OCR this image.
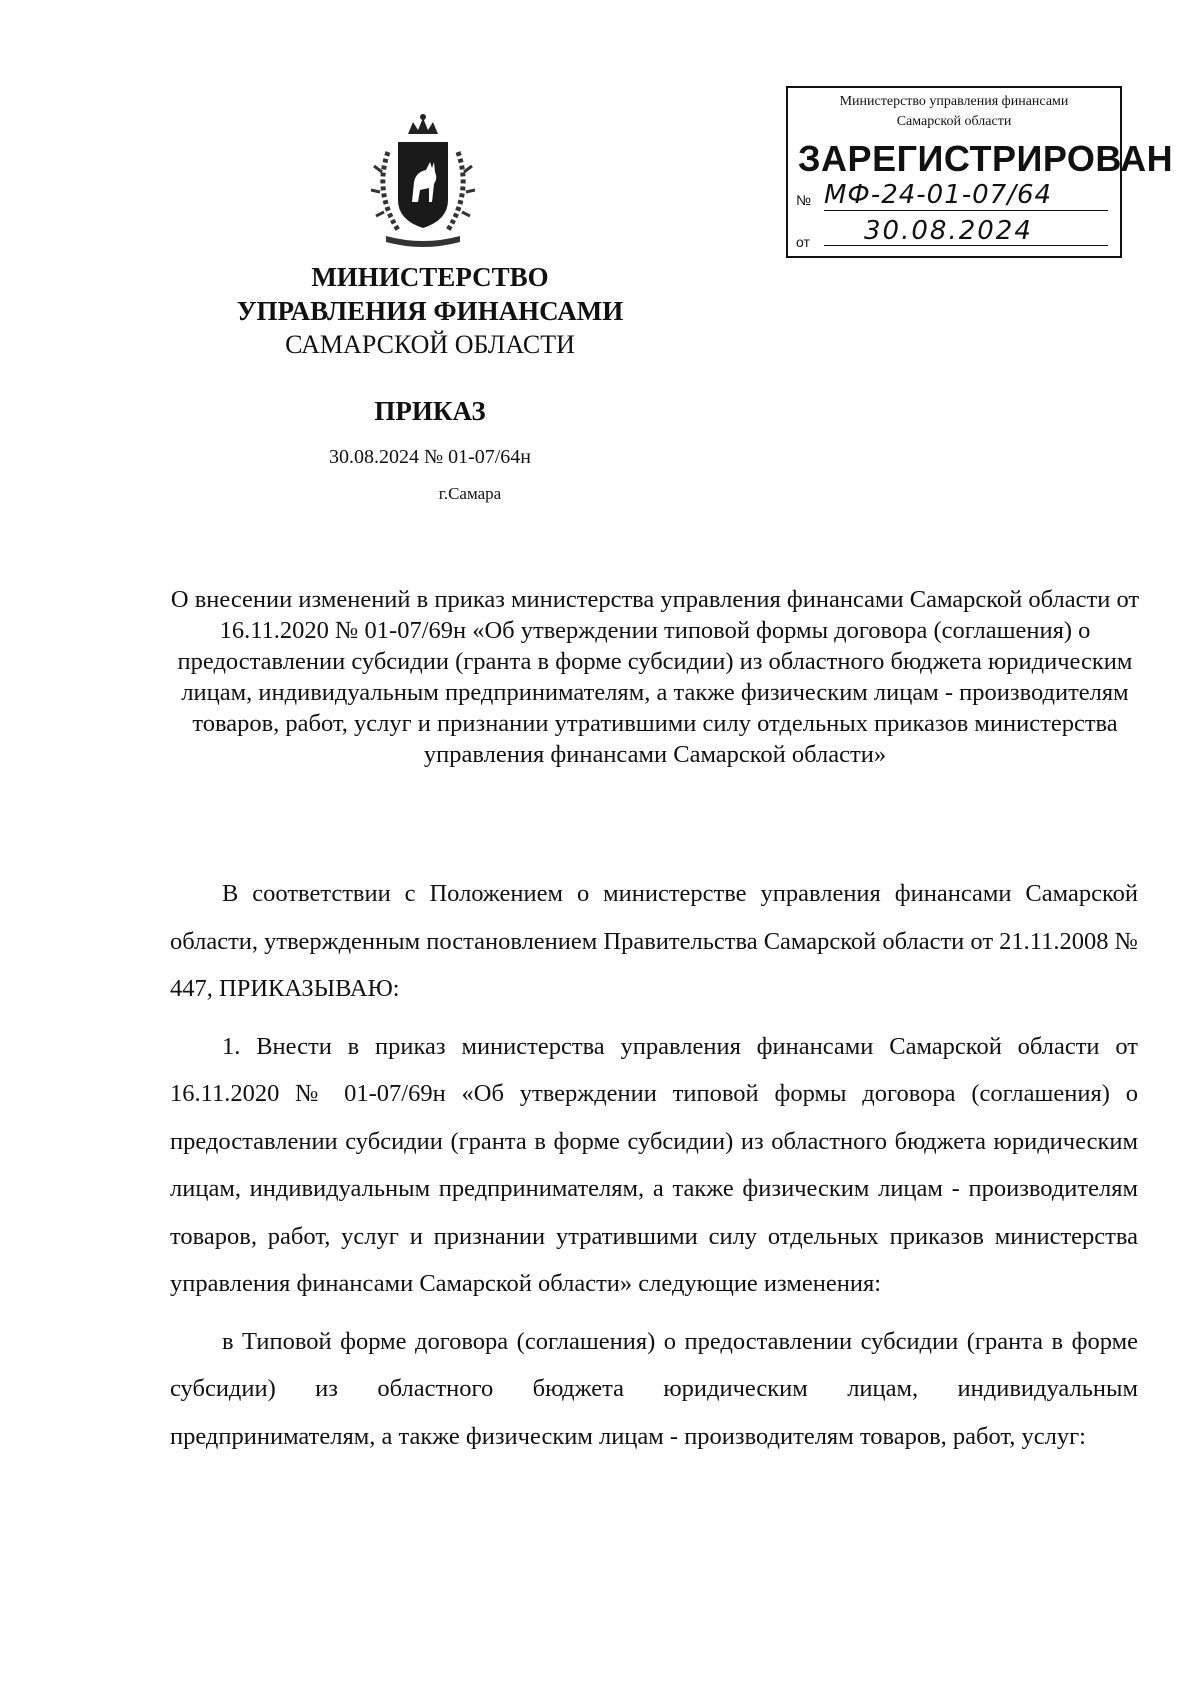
Министерство управления финансами
Самарской области
ЗАРЕГИСТРИРОВАН
№ МФ-24-01-07/64
от	30.08.2024
МИНИСТЕРСТВО
УПРАВЛЕНИЯ ФИНАНСАМИ
САМАРСКОЙ ОБЛАСТИ
ПРИКАЗ
30.08.2024 № 01-07/64н
г.Самара
О внесении изменений в приказ министерства управления финансами Самарской области от 16.11.2020 № 01-07/69н «Об утверждении типовой формы договора (соглашения) о предоставлении субсидии (гранта в форме субсидии) из областного бюджета юридическим лицам, индивидуальным предпринимателям, а также физическим лицам - производителям товаров, работ, услуг и признании утратившими силу отдельных приказов министерства управления финансами Самарской области»

В соответствии с Положением о министерстве управления финансами Самарской области, утвержденным постановлением Правительства Самарской области от 21.11.2008 № 447, ПРИКАЗЫВАЮ:

1. Внести в приказ министерства управления финансами Самарской области от 16.11.2020 № 01-07/69н «Об утверждении типовой формы договора (соглашения) о предоставлении субсидии (гранта в форме субсидии) из областного бюджета юридическим лицам, индивидуальным предпринимателям, а также физическим лицам - производителям товаров, работ, услуг и признании утратившими силу отдельных приказов министерства управления финансами Самарской области» следующие изменения:

в Типовой форме договора (соглашения) о предоставлении субсидии (гранта в форме субсидии) из областного бюджета юридическим лицам, индивидуальным предпринимателям, а также физическим лицам - производителям товаров, работ, услуг:
